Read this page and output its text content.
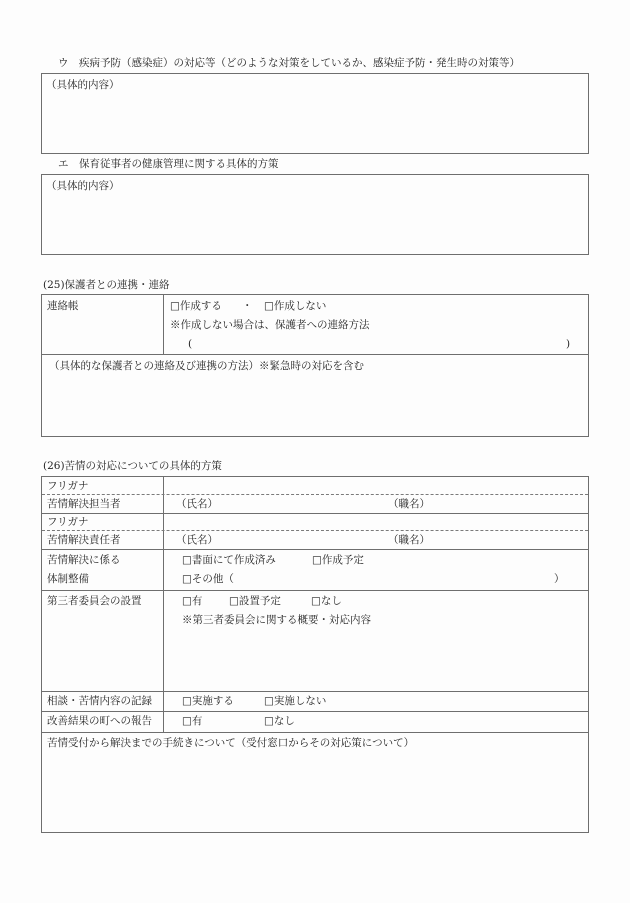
ウ　疾病予防（感染症）の対応等（どのような対策をしているか、感染症予防・発生時の対策等）
（具体的内容）
エ　保育従事者の健康管理に関する具体的方策
（具体的内容）
(25)保護者との連携・連絡
連絡帳	□作成する ・ □作成しない
※作成しない場合は、保護者への連絡方法
(	)
（具体的な保護者との連絡及び連携の方法）※緊急時の対応を含む
(26)苦情の対応についての具体的方策
フリガナ
苦情解決担当者	（氏名）	（職名）
フリガナ
苦情解決責任者	（氏名）	（職名）
苦情解決に係る
体制整備
□書面にて作成済み	□作成予定
□その他（	）
第三者委員会の設置	□有	□設置予定	□なし
※第三者委員会に関する概要・対応内容
相談・苦情内容の記録	□実施する	□実施しない
改善結果の町への報告	□有	□なし
苦情受付から解決までの手続きについて（受付窓口からその対応策について）
